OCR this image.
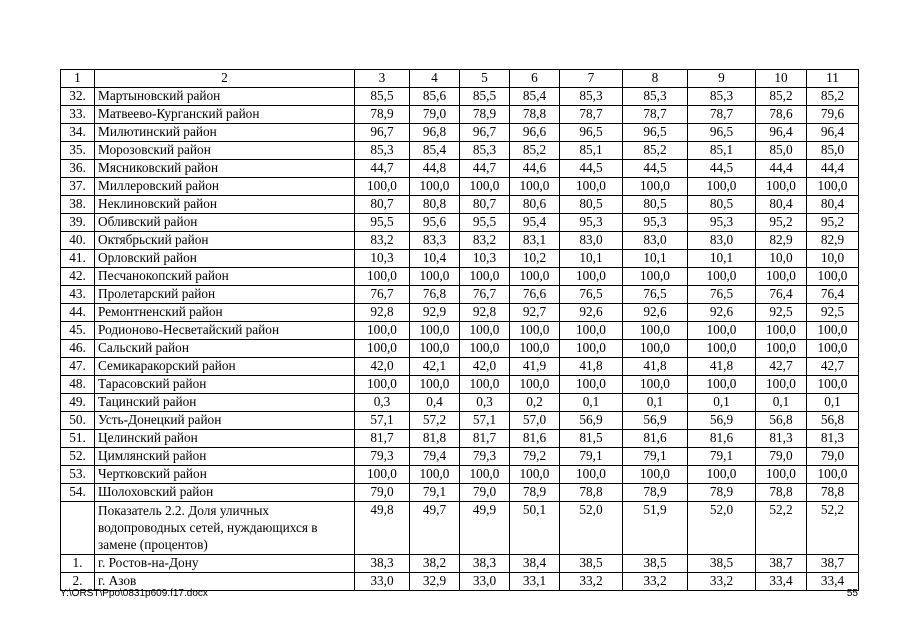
1	2	3	4	5	6	7	8	9	10	11
32.	Мартыновский район	85,5	85,6	85,5	85,4	85,3	85,3	85,3	85,2	85,2
33.	Матвеево-Курганский район	78,9	79,0	78,9	78,8	78,7	78,7	78,7	78,6	79,6
34.	Милютинский район	96,7	96,8	96,7	96,6	96,5	96,5	96,5	96,4	96,4
35.	Морозовский район	85,3	85,4	85,3	85,2	85,1	85,2	85,1	85,0	85,0
36.	Мясниковский район	44,7	44,8	44,7	44,6	44,5	44,5	44,5	44,4	44,4
37.	Миллеровский район	100,0	100,0	100,0	100,0	100,0	100,0	100,0	100,0	100,0
38.	Неклиновский район	80,7	80,8	80,7	80,6	80,5	80,5	80,5	80,4	80,4
39.	Обливский район	95,5	95,6	95,5	95,4	95,3	95,3	95,3	95,2	95,2
40.	Октябрьский район	83,2	83,3	83,2	83,1	83,0	83,0	83,0	82,9	82,9
41.	Орловский район	10,3	10,4	10,3	10,2	10,1	10,1	10,1	10,0	10,0
42.	Песчанокопский район	100,0	100,0	100,0	100,0	100,0	100,0	100,0	100,0	100,0
43.	Пролетарский район	76,7	76,8	76,7	76,6	76,5	76,5	76,5	76,4	76,4
44.	Ремонтненский район	92,8	92,9	92,8	92,7	92,6	92,6	92,6	92,5	92,5
45.	Родионово-Несветайский район	100,0	100,0	100,0	100,0	100,0	100,0	100,0	100,0	100,0
46.	Сальский район	100,0	100,0	100,0	100,0	100,0	100,0	100,0	100,0	100,0
47.	Семикаракорский район	42,0	42,1	42,0	41,9	41,8	41,8	41,8	42,7	42,7
48.	Тарасовский район	100,0	100,0	100,0	100,0	100,0	100,0	100,0	100,0	100,0
49.	Тацинский район	0,3	0,4	0,3	0,2	0,1	0,1	0,1	0,1	0,1
50.	Усть-Донецкий район	57,1	57,2	57,1	57,0	56,9	56,9	56,9	56,8	56,8
51.	Целинский район	81,7	81,8	81,7	81,6	81,5	81,6	81,6	81,3	81,3
52.	Цимлянский район	79,3	79,4	79,3	79,2	79,1	79,1	79,1	79,0	79,0
53.	Чертковский район	100,0	100,0	100,0	100,0	100,0	100,0	100,0	100,0	100,0
54.	Шолоховский район	79,0	79,1	79,0	78,9	78,8	78,9	78,9	78,8	78,8
	Показатель 2.2. Доля уличных водопроводных сетей, нуждающихся в замене (процентов)	49,8	49,7	49,9	50,1	52,0	51,9	52,0	52,2	52,2
1.	г. Ростов-на-Дону	38,3	38,2	38,3	38,4	38,5	38,5	38,5	38,7	38,7
2.	г. Азов	33,0	32,9	33,0	33,1	33,2	33,2	33,2	33,4	33,4
Y:\ORST\Ppo\0831p609.f17.docx	55
